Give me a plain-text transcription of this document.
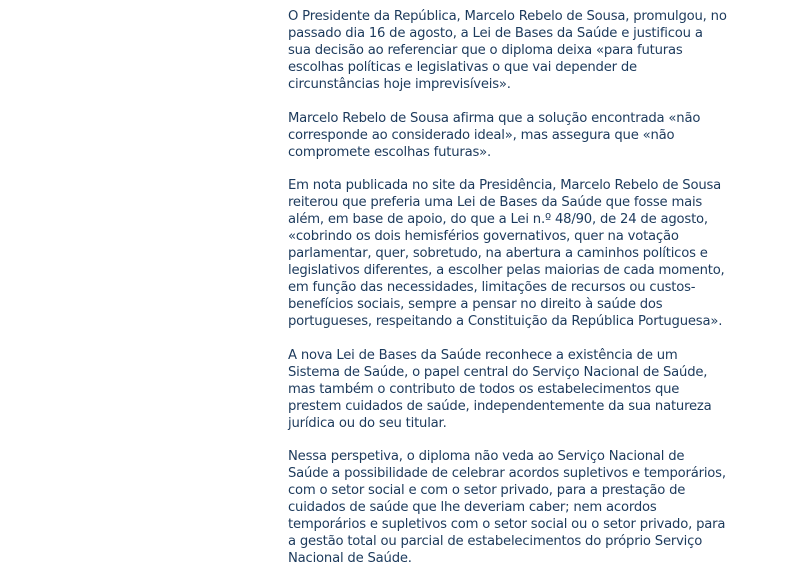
O Presidente da República, Marcelo Rebelo de Sousa, promulgou, no passado dia 16 de agosto, a Lei de Bases da Saúde e justificou a sua decisão ao referenciar que o diploma deixa «para futuras escolhas políticas e legislativas o que vai depender de circunstâncias hoje imprevisíveis».

Marcelo Rebelo de Sousa afirma que a solução encontrada «não corresponde ao considerado ideal», mas assegura que «não compromete escolhas futuras».

Em nota publicada no site da Presidência, Marcelo Rebelo de Sousa reiterou que preferia uma Lei de Bases da Saúde que fosse mais além, em base de apoio, do que a Lei n.º 48/90, de 24 de agosto, «cobrindo os dois hemisférios governativos, quer na votação parlamentar, quer, sobretudo, na abertura a caminhos políticos e legislativos diferentes, a escolher pelas maiorias de cada momento, em função das necessidades, limitações de recursos ou custos-benefícios sociais, sempre a pensar no direito à saúde dos portugueses, respeitando a Constituição da República Portuguesa».

A nova Lei de Bases da Saúde reconhece a existência de um Sistema de Saúde, o papel central do Serviço Nacional de Saúde, mas também o contributo de todos os estabelecimentos que prestem cuidados de saúde, independentemente da sua natureza jurídica ou do seu titular.

Nessa perspetiva, o diploma não veda ao Serviço Nacional de Saúde a possibilidade de celebrar acordos supletivos e temporários, com o setor social e com o setor privado, para a prestação de cuidados de saúde que lhe deveriam caber; nem acordos temporários e supletivos com o setor social ou o setor privado, para a gestão total ou parcial de estabelecimentos do próprio Serviço Nacional de Saúde.
